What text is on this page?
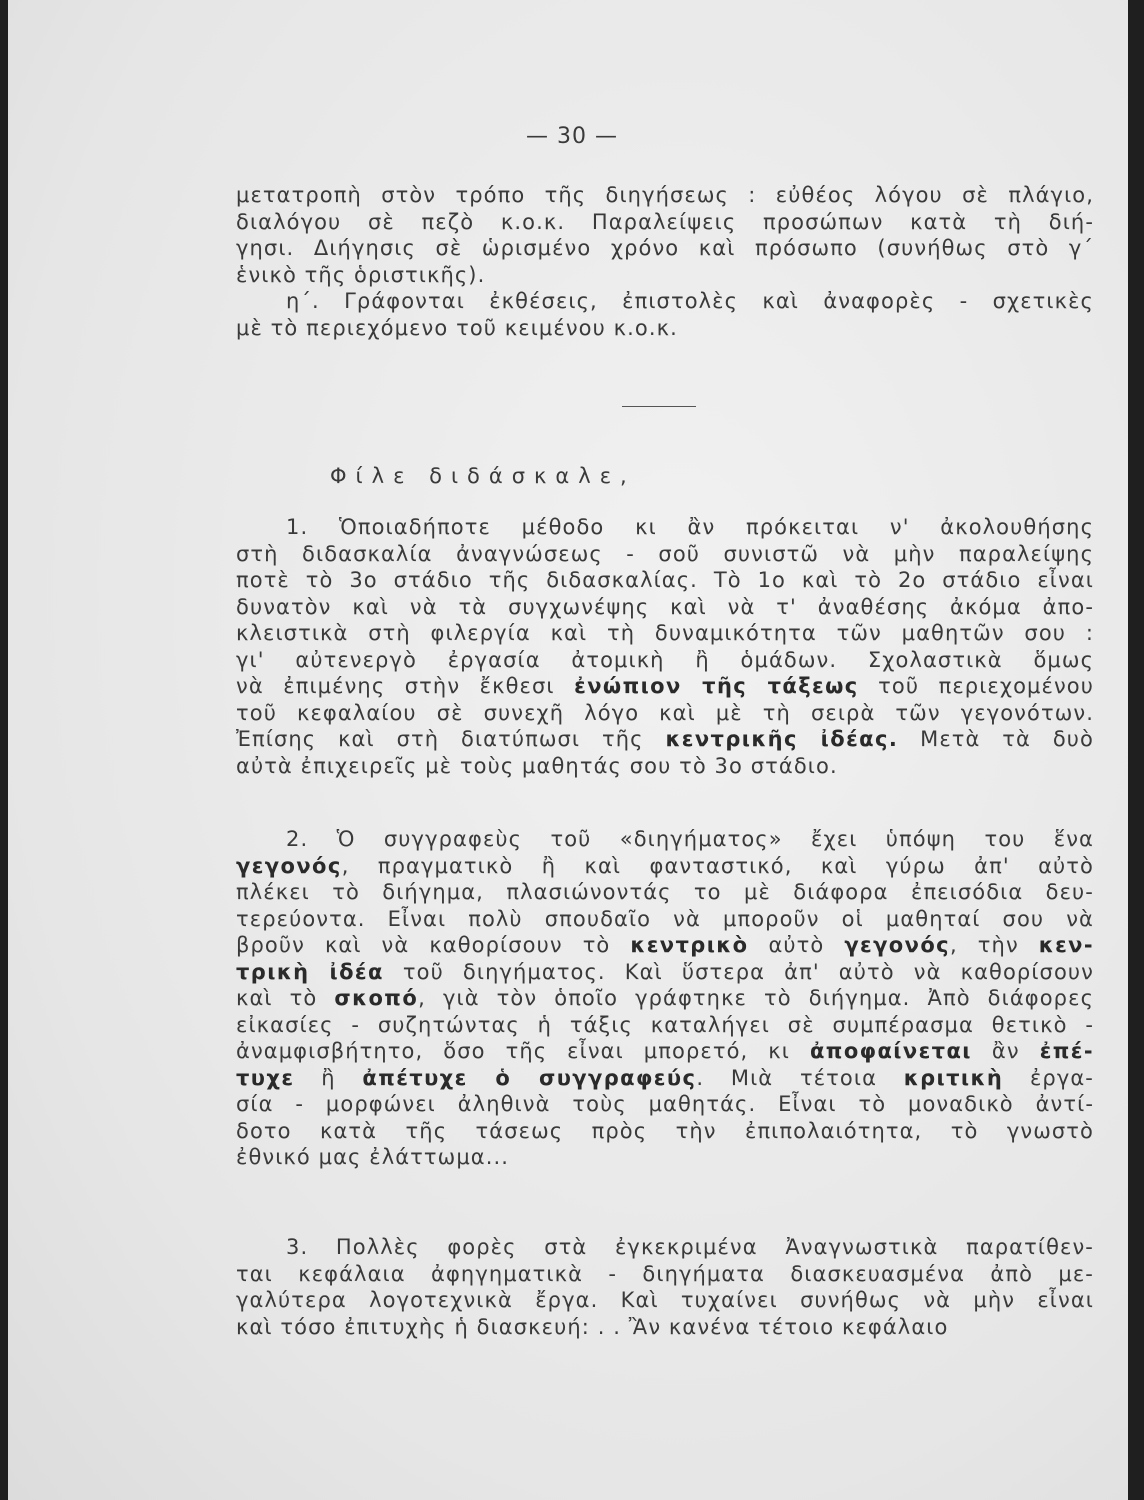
— 30 —
μετατροπὴ στὸν τρόπο τῆς διηγήσεως : εὐθέος λόγου σὲ πλάγιο,
διαλόγου σὲ πεζὸ κ.ο.κ. Παραλείψεις προσώπων κατὰ τὴ διή-
γησι. Διήγησις σὲ ὡρισμένο χρόνο καὶ πρόσωπο (συνήθως στὸ γ΄
ἑνικὸ τῆς ὁριστικῆς).
η΄. Γράφονται ἐκθέσεις, ἐπιστολὲς καὶ ἀναφορὲς - σχετικὲς
μὲ τὸ περιεχόμενο τοῦ κειμένου κ.ο.κ.
Φίλε διδάσκαλε,
1. Ὁποιαδήποτε μέθοδο κι ἂν πρόκειται ν' ἀκολουθήσης
στὴ διδασκαλία ἀναγνώσεως - σοῦ συνιστῶ νὰ μὴν παραλείψης
ποτὲ τὸ 3ο στάδιο τῆς διδασκαλίας. Τὸ 1ο καὶ τὸ 2ο στάδιο εἶναι
δυνατὸν καὶ νὰ τὰ συγχωνέψης καὶ νὰ τ' ἀναθέσης ἀκόμα ἀπο-
κλειστικὰ στὴ φιλεργία καὶ τὴ δυναμικότητα τῶν μαθητῶν σου :
γι' αὐτενεργὸ ἐργασία ἀτομικὴ ἢ ὁμάδων. Σχολαστικὰ ὅμως
νὰ ἐπιμένης στὴν ἔκθεσι ἐνώπιον τῆς τάξεως τοῦ περιεχομένου
τοῦ κεφαλαίου σὲ συνεχῆ λόγο καὶ μὲ τὴ σειρὰ τῶν γεγονότων.
Ἐπίσης καὶ στὴ διατύπωσι τῆς κεντρικῆς ἰδέας. Μετὰ τὰ δυὸ
αὐτὰ ἐπιχειρεῖς μὲ τοὺς μαθητάς σου τὸ 3ο στάδιο.
2. Ὁ συγγραφεὺς τοῦ «διηγήματος» ἔχει ὑπόψη του ἕνα
γεγονός, πραγματικὸ ἢ καὶ φανταστικό, καὶ γύρω ἀπ' αὐτὸ
πλέκει τὸ διήγημα, πλασιώνοντάς το μὲ διάφορα ἐπεισόδια δευ-
τερεύοντα. Εἶναι πολὺ σπουδαῖο νὰ μποροῦν οἱ μαθηταί σου νὰ
βροῦν καὶ νὰ καθορίσουν τὸ κεντρικὸ αὐτὸ γεγονός, τὴν κεν-
τρικὴ ἰδέα τοῦ διηγήματος. Καὶ ὕστερα ἀπ' αὐτὸ νὰ καθορίσουν
καὶ τὸ σκοπό, γιὰ τὸν ὁποῖο γράφτηκε τὸ διήγημα. Ἀπὸ διάφορες
εἰκασίες - συζητώντας ἡ τάξις καταλήγει σὲ συμπέρασμα θετικὸ -
ἀναμφισβήτητο, ὅσο τῆς εἶναι μπορετό, κι ἀποφαίνεται ἂν ἐπέ-
τυχε ἢ ἀπέτυχε ὁ συγγραφεύς. Μιὰ τέτοια κριτικὴ ἐργα-
σία - μορφώνει ἀληθινὰ τοὺς μαθητάς. Εἶναι τὸ μοναδικὸ ἀντί-
δοτο κατὰ τῆς τάσεως πρὸς τὴν ἐπιπολαιότητα, τὸ γνωστὸ
ἐθνικό μας ἐλάττωμα...
3. Πολλὲς φορὲς στὰ ἐγκεκριμένα Ἀναγνωστικὰ παρατίθεν-
ται κεφάλαια ἀφηγηματικὰ - διηγήματα διασκευασμένα ἀπὸ με-
γαλύτερα λογοτεχνικὰ ἔργα. Καὶ τυχαίνει συνήθως νὰ μὴν εἶναι
καὶ τόσο ἐπιτυχὴς ἡ διασκευή: . . Ἂν κανένα τέτοιο κεφάλαιο
